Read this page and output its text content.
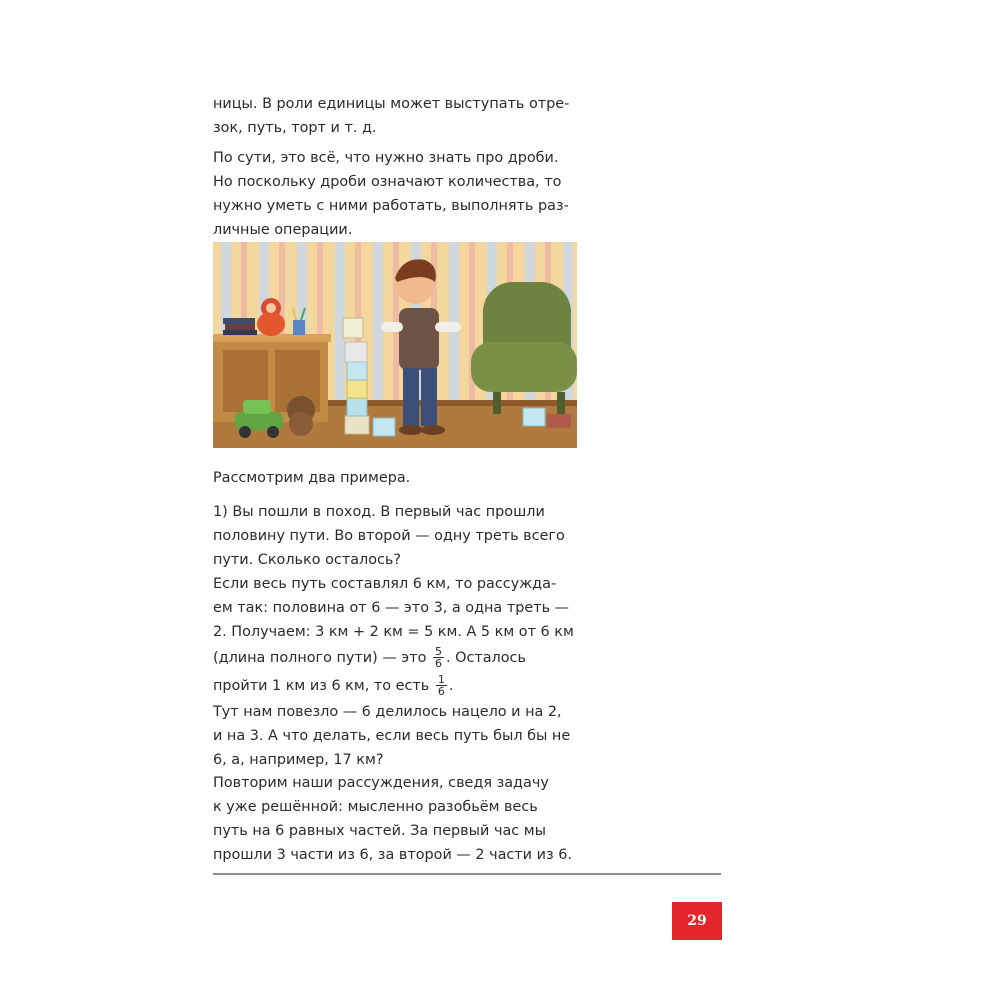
ницы. В роли единицы может выступать отре-
зок, путь, торт и т. д.
По сути, это всё, что нужно знать про дроби.
Но поскольку дроби означают количества, то
нужно уметь с ними работать, выполнять раз-
личные операции.
Рассмотрим два примера.
1) Вы пошли в поход. В первый час прошли
половину пути. Во второй — одну треть всего
пути. Сколько осталось?
Если весь путь составлял 6 км, то рассужда-
ем так: половина от 6 — это 3, а одна треть —
2. Получаем: 3 км + 2 км = 5 км. А 5 км от 6 км
(длина полного пути) — это $\frac{5}{6}$ . Осталось
пройти 1 км из 6 км, то есть $\frac{1}{6}$ .
Тут нам повезло — 6 делилось нацело и на 2,
и на 3. А что делать, если весь путь был бы не
6, а, например, 17 км?
Повторим наши рассуждения, сведя задачу
к уже решённой: мысленно разобьём весь
путь на 6 равных частей. За первый час мы
прошли 3 части из 6, за второй — 2 части из 6.
29
